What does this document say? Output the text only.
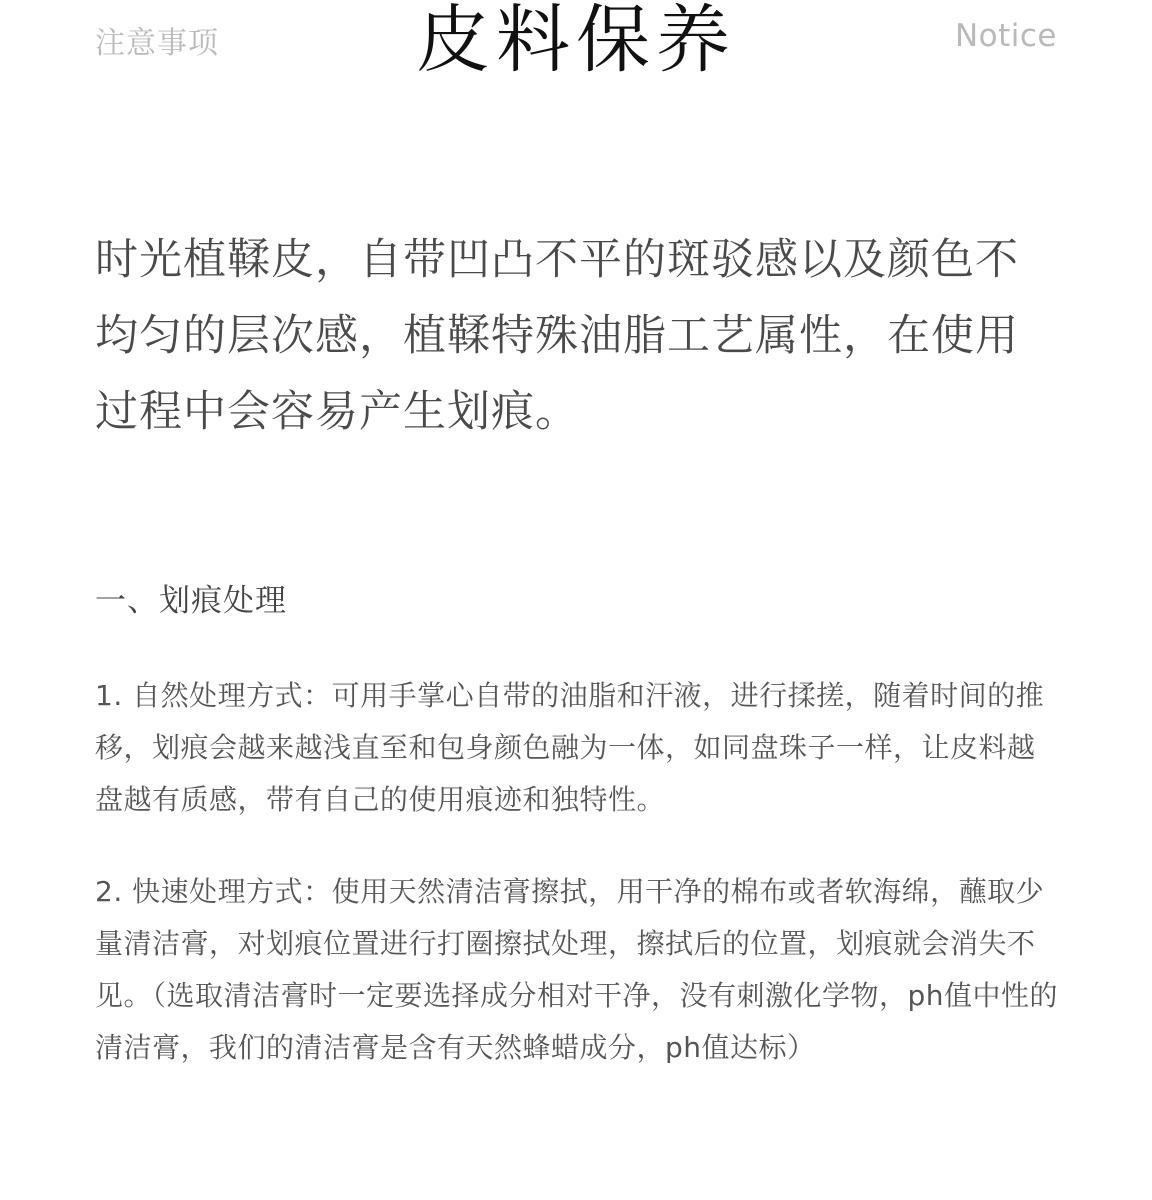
注意事项	皮料保养	Notice

时光植鞣皮，自带凹凸不平的斑驳感以及颜色不均匀的层次感，植鞣特殊油脂工艺属性，在使用过程中会容易产生划痕。

一、划痕处理

1. 自然处理方式：可用手掌心自带的油脂和汗液，进行揉搓，随着时间的推移，划痕会越来越浅直至和包身颜色融为一体，如同盘珠子一样，让皮料越盘越有质感，带有自己的使用痕迹和独特性。

2. 快速处理方式：使用天然清洁膏擦拭，用干净的棉布或者软海绵，蘸取少量清洁膏，对划痕位置进行打圈擦拭处理，擦拭后的位置，划痕就会消失不见。（选取清洁膏时一定要选择成分相对干净，没有刺激化学物，ph值中性的清洁膏，我们的清洁膏是含有天然蜂蜡成分，ph值达标）
